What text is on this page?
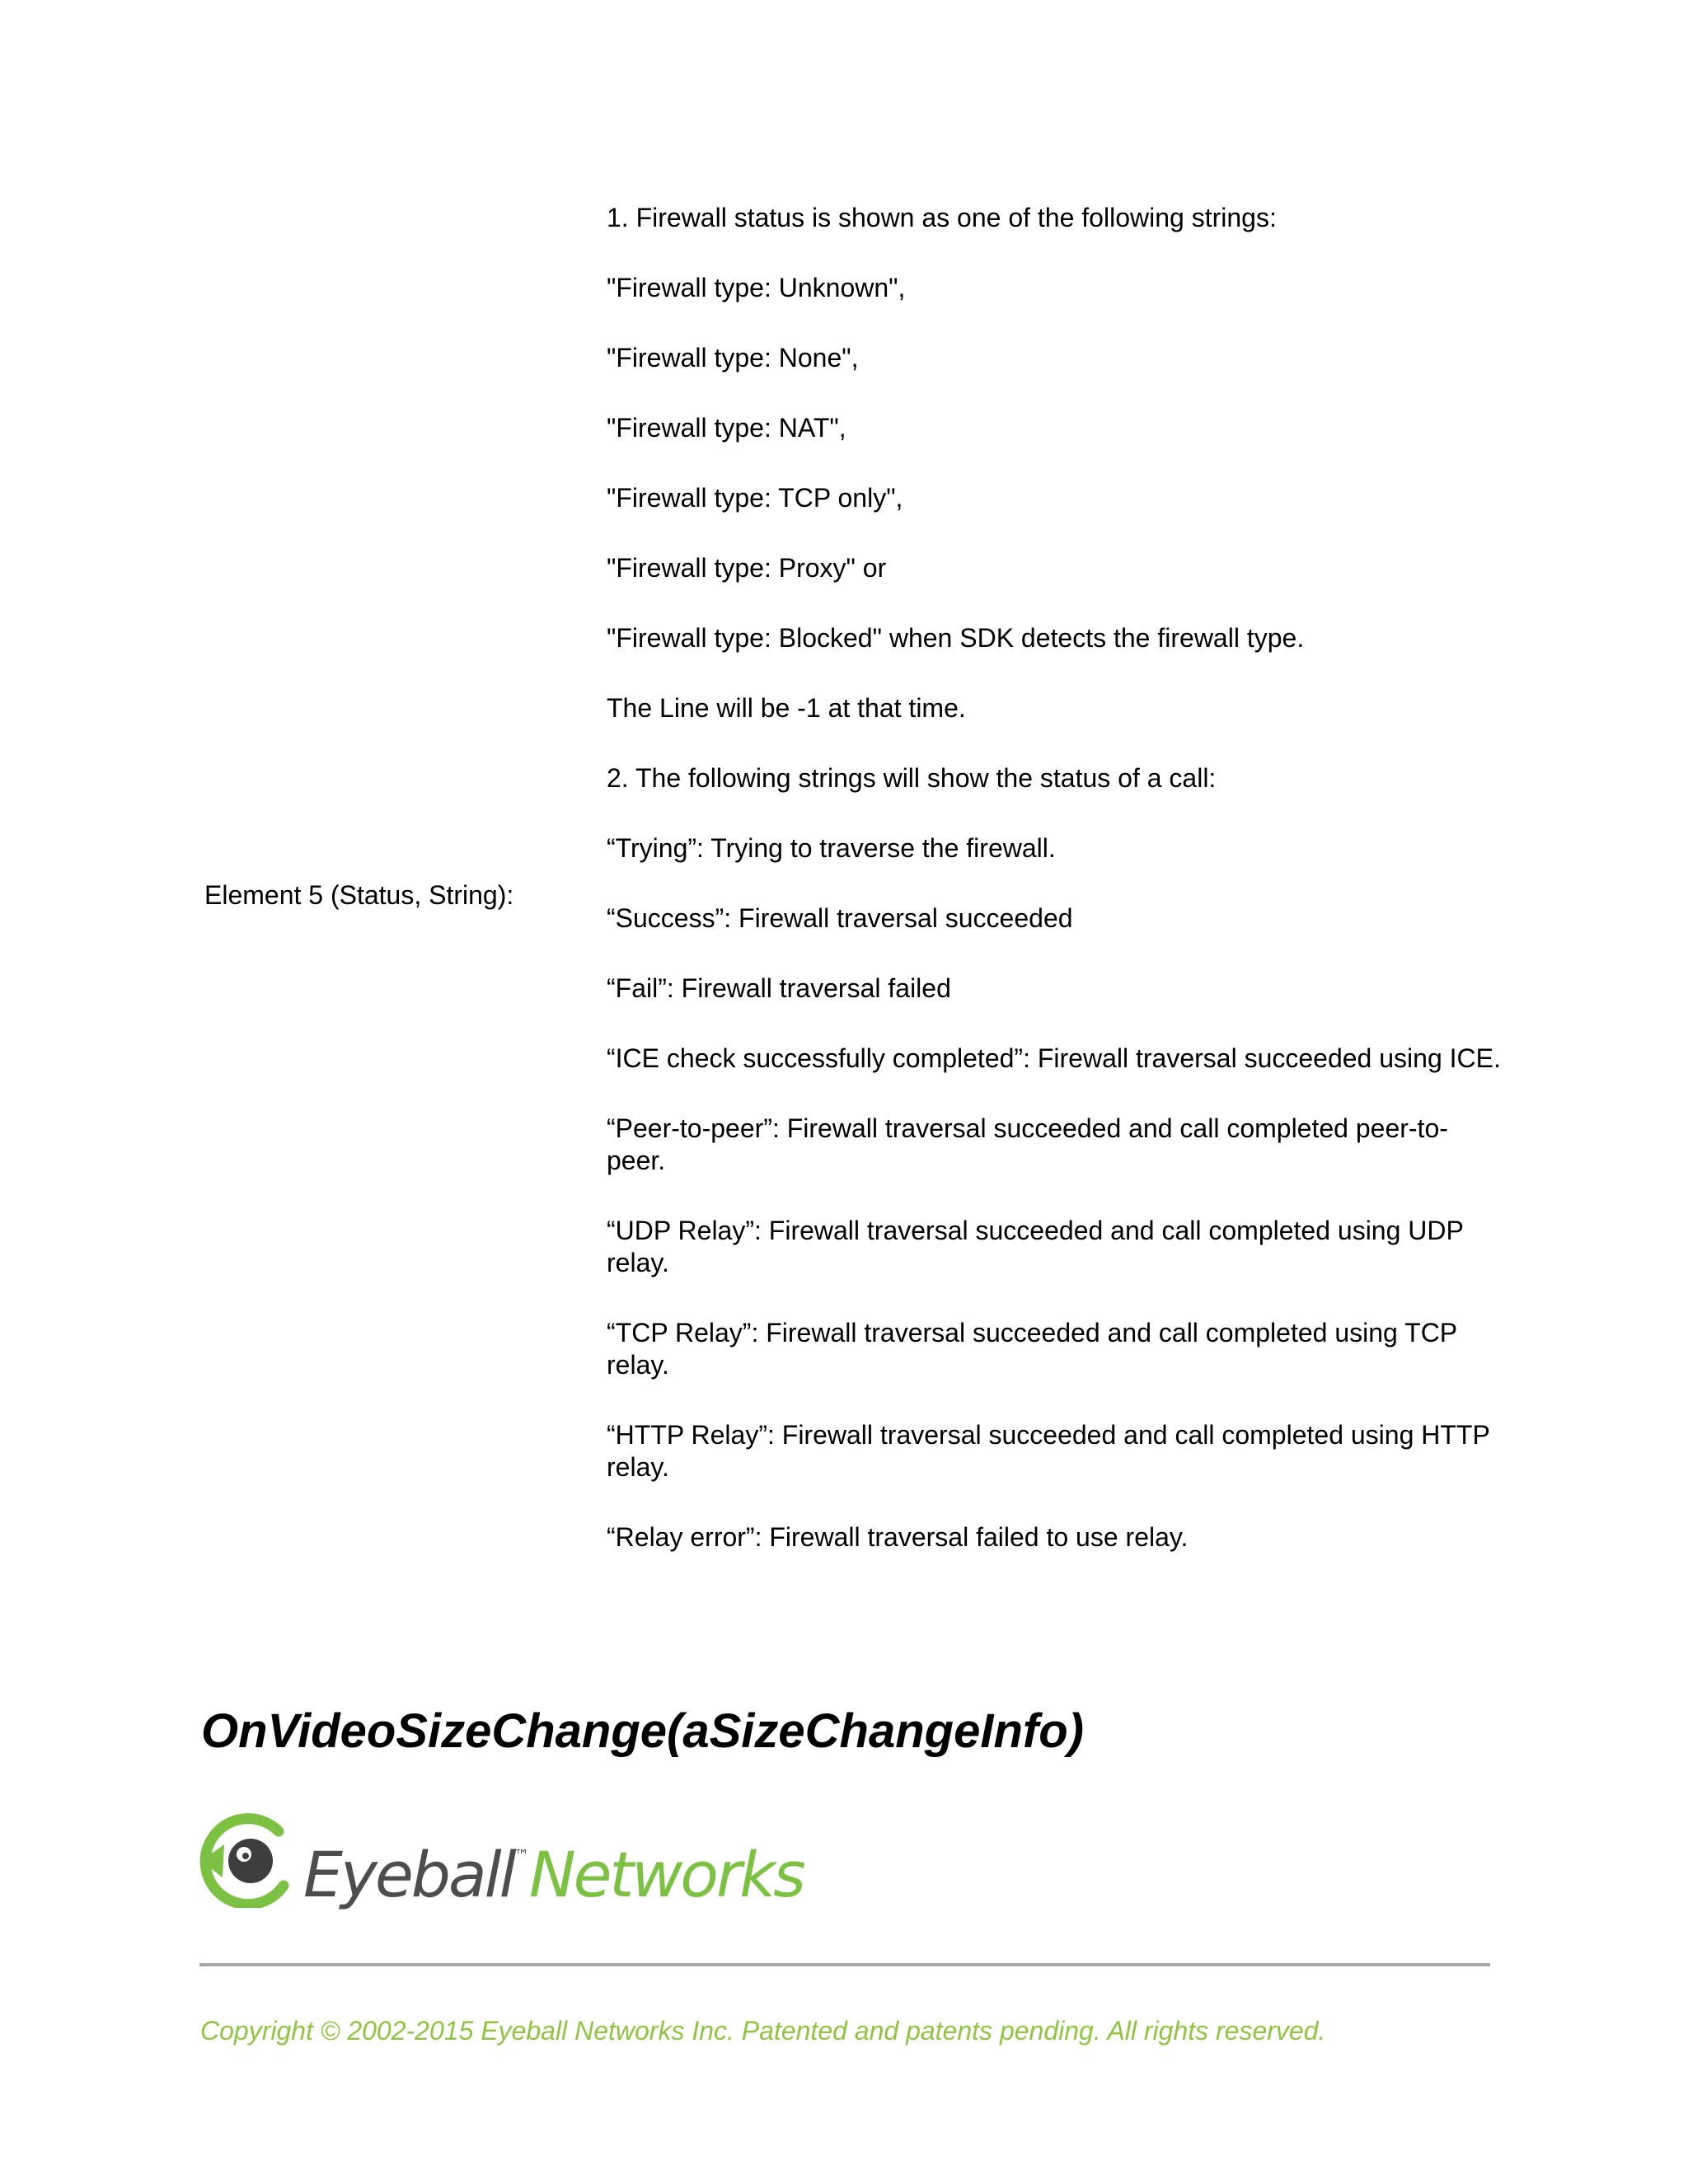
Element 5 (Status, String):

1. Firewall status is shown as one of the following strings:

"Firewall type: Unknown",

"Firewall type: None",

"Firewall type: NAT",

"Firewall type: TCP only",

"Firewall type: Proxy" or

"Firewall type: Blocked" when SDK detects the firewall type.

The Line will be -1 at that time.

2. The following strings will show the status of a call:

“Trying”: Trying to traverse the firewall.

“Success”: Firewall traversal succeeded

“Fail”: Firewall traversal failed

“ICE check successfully completed”: Firewall traversal succeeded using ICE.

“Peer-to-peer”: Firewall traversal succeeded and call completed peer-to-peer.

“UDP Relay”: Firewall traversal succeeded and call completed using UDP relay.

“TCP Relay”: Firewall traversal succeeded and call completed using TCP relay.

“HTTP Relay”: Firewall traversal succeeded and call completed using HTTP relay.

“Relay error”: Firewall traversal failed to use relay.

OnVideoSizeChange(aSizeChangeInfo)
Eyeball™Networks
Copyright © 2002-2015 Eyeball Networks Inc. Patented and patents pending. All rights reserved.
